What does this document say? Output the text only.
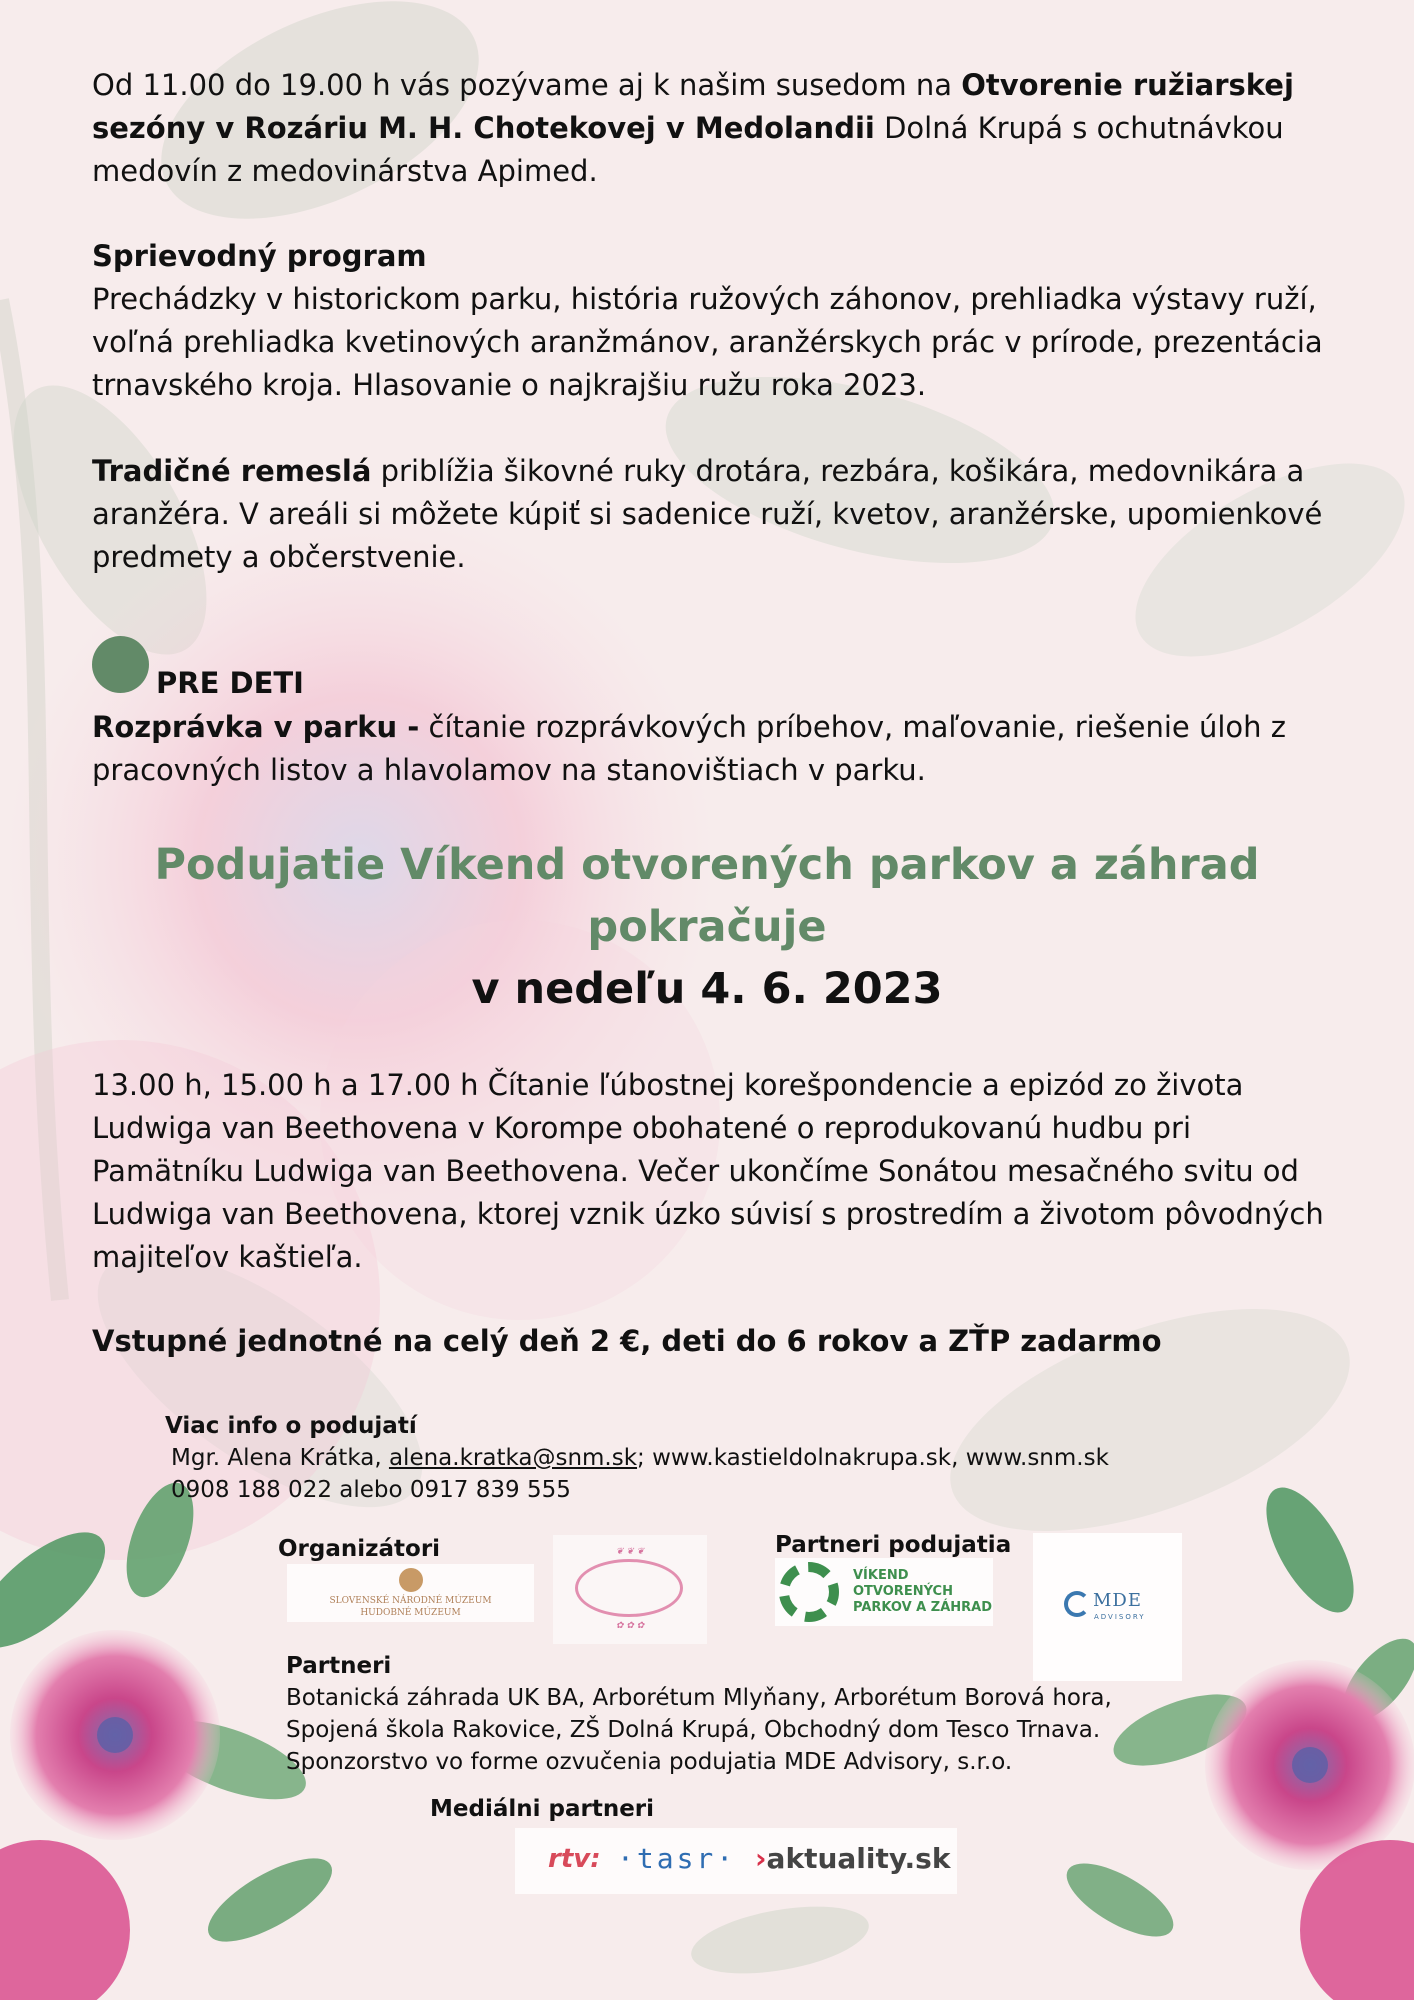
Od 11.00 do 19.00 h vás pozývame aj k našim susedom na Otvorenie ružiarskej sezóny v Rozáriu M. H. Chotekovej v Medolandii Dolná Krupá s ochutnávkou medovín z medovinárstva Apimed.

Sprievodný program
Prechádzky v historickom parku, história ružových záhonov, prehliadka výstavy ruží, voľná prehliadka kvetinových aranžmánov, aranžérskych prác v prírode, prezentácia trnavského kroja. Hlasovanie o najkrajšiu ružu roka 2023.

Tradičné remeslá priblížia šikovné ruky drotára, rezbára, košikára, medovnikára a aranžéra. V areáli si môžete kúpiť si sadenice ruží, kvetov, aranžérske, upomienkové predmety a občerstvenie.

PRE DETI

Rozprávka v parku - čítanie rozprávkových príbehov, maľovanie, riešenie úloh z pracovných listov a hlavolamov na stanovištiach v parku.

Podujatie Víkend otvorených parkov a záhrad

pokračuje

v nedeľu 4. 6. 2023

13.00 h, 15.00 h a 17.00 h Čítanie ľúbostnej korešpondencie a epizód zo života Ludwiga van Beethovena v Korompe obohatené o reprodukovanú hudbu pri Pamätníku Ludwiga van Beethovena. Večer ukončíme Sonátou mesačného svitu od Ludwiga van Beethovena, ktorej vznik úzko súvisí s prostredím a životom pôvodných majiteľov kaštieľa.

Vstupné jednotné na celý deň 2 €, deti do 6 rokov a ZŤP zadarmo

Viac info o podujatí

Mgr. Alena Krátka, alena.kratka@snm.sk; www.kastieldolnakrupa.sk, www.snm.sk

0908 188 022 alebo 0917 839 555

Organizátori

SLOVENSKÉ NÁRODNÉ MÚZEUM
HUDOBNÉ MÚZEUM
❦ ❦ ❦
✿ ✿ ✿

Partneri podujatia

VÍKEND
OTVORENÝCH
PARKOV A ZÁHRAD	MDE
ADVISORY

Partneri

Botanická záhrada UK BA, Arborétum Mlyňany, Arborétum Borová hora,

Spojená škola Rakovice, ZŠ Dolná Krupá, Obchodný dom Tesco Trnava.

Sponzorstvo vo forme ozvučenia podujatia MDE Advisory, s.r.o.

Mediálni partneri

rtv: ·tasr· ›aktuality.sk
